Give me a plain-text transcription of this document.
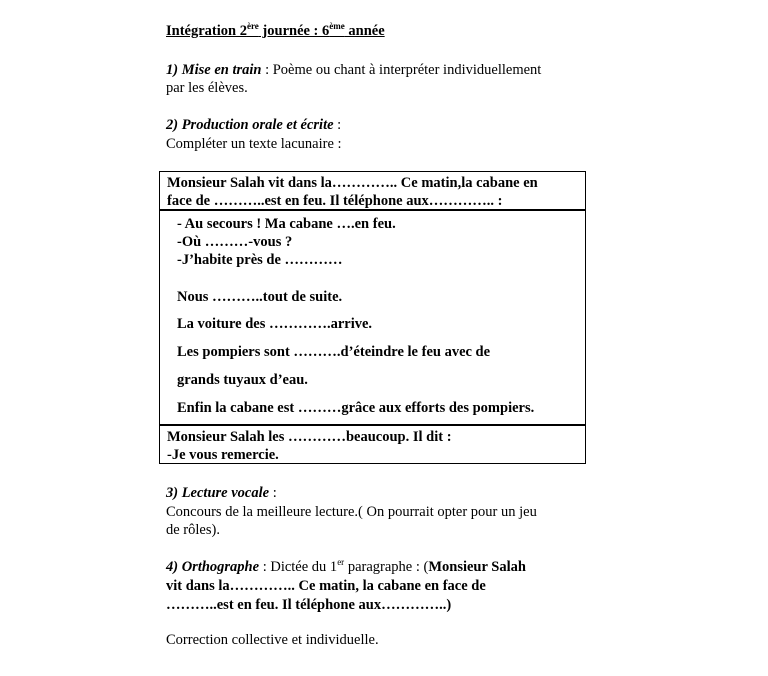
Intégration 2ère journée : 6ème année
1) Mise en train : Poème ou chant à interpréter individuellement
par les élèves.
2) Production orale et écrite :
Compléter un texte lacunaire :
Monsieur Salah vit dans la………….. Ce matin,la cabane en
face de ………..est en feu. Il téléphone aux………….. :
- Au secours ! Ma cabane ….en feu.
-Où ………-vous ?
-J’habite près de …………
Nous ………..tout de suite.
La voiture des ………….arrive.
Les pompiers sont ……….d’éteindre le feu avec de
grands tuyaux d’eau.
Enfin la cabane est ………grâce aux efforts des pompiers.
Monsieur Salah les …………beaucoup. Il dit :
-Je vous remercie.
3) Lecture vocale :
Concours de la meilleure lecture.( On pourrait opter pour un jeu
de rôles).
4) Orthographe : Dictée du 1er paragraphe : (Monsieur Salah
vit dans la………….. Ce matin, la cabane en face de
………..est en feu. Il téléphone aux…………..)
Correction collective et individuelle.
